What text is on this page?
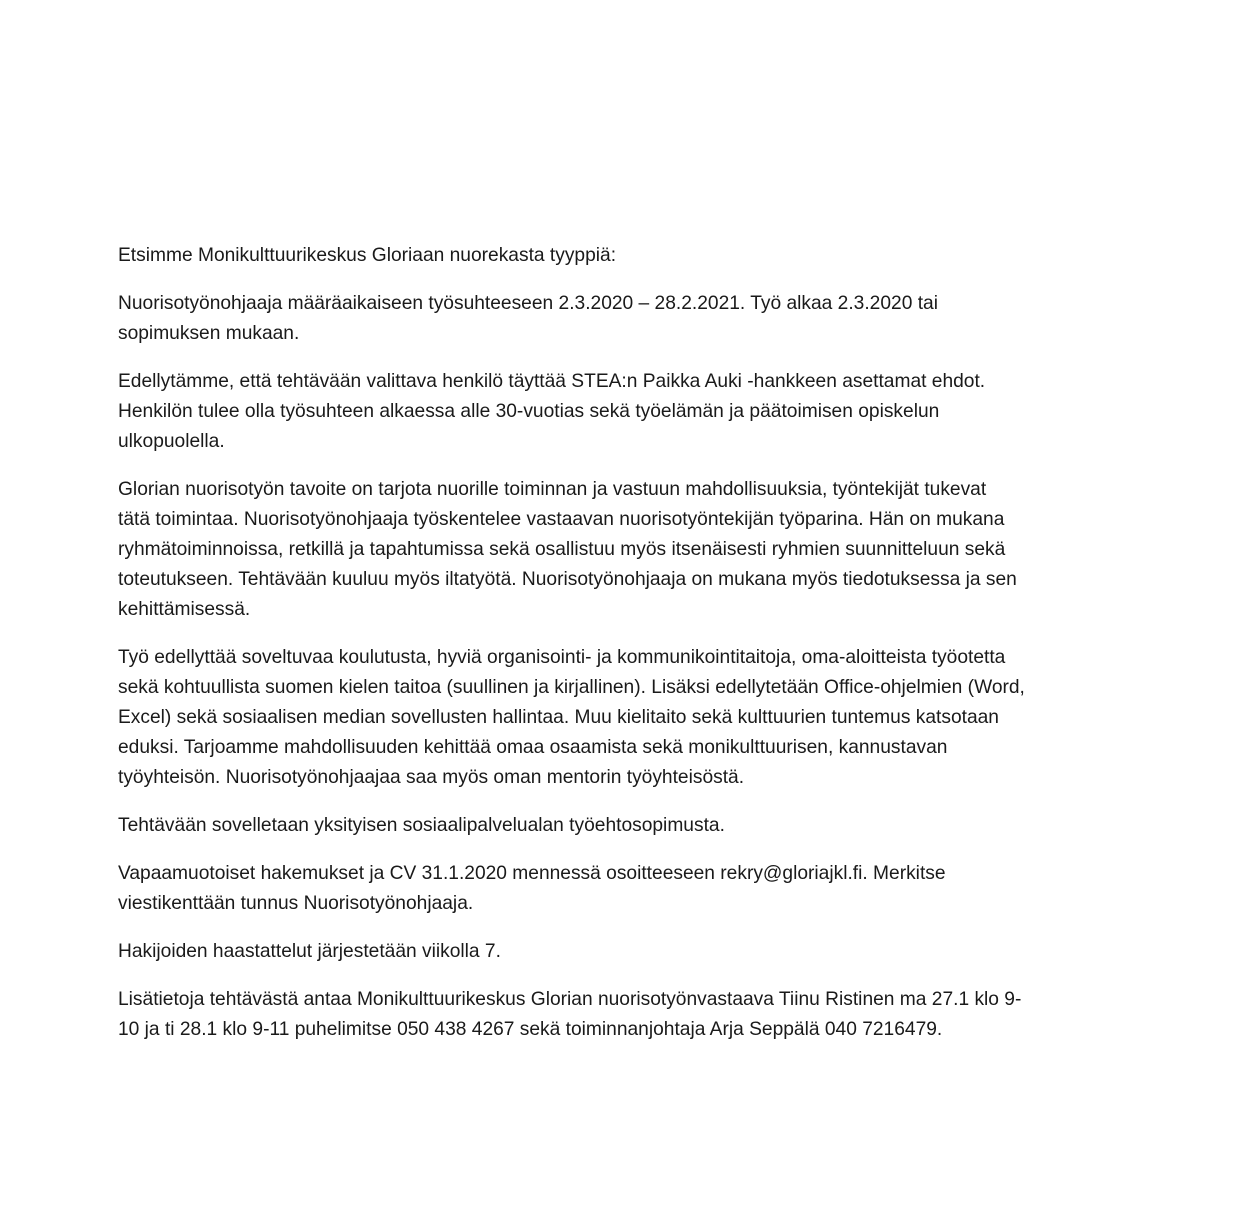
Etsimme Monikulttuurikeskus Gloriaan nuorekasta tyyppiä:

Nuorisotyönohjaaja määräaikaiseen työsuhteeseen 2.3.2020 – 28.2.2021. Työ alkaa 2.3.2020 tai
sopimuksen mukaan.

Edellytämme, että tehtävään valittava henkilö täyttää STEA:n Paikka Auki -hankkeen asettamat ehdot.
Henkilön tulee olla työsuhteen alkaessa alle 30-vuotias sekä työelämän ja päätoimisen opiskelun
ulkopuolella.

Glorian nuorisotyön tavoite on tarjota nuorille toiminnan ja vastuun mahdollisuuksia, työntekijät tukevat
tätä toimintaa. Nuorisotyönohjaaja työskentelee vastaavan nuorisotyöntekijän työparina. Hän on mukana
ryhmätoiminnoissa, retkillä ja tapahtumissa sekä osallistuu myös itsenäisesti ryhmien suunnitteluun sekä
toteutukseen. Tehtävään kuuluu myös iltatyötä. Nuorisotyönohjaaja on mukana myös tiedotuksessa ja sen
kehittämisessä.

Työ edellyttää soveltuvaa koulutusta, hyviä organisointi- ja kommunikointitaitoja, oma-aloitteista työotetta
sekä kohtuullista suomen kielen taitoa (suullinen ja kirjallinen). Lisäksi edellytetään Office-ohjelmien (Word,
Excel) sekä sosiaalisen median sovellusten hallintaa. Muu kielitaito sekä kulttuurien tuntemus katsotaan
eduksi. Tarjoamme mahdollisuuden kehittää omaa osaamista sekä monikulttuurisen, kannustavan
työyhteisön. Nuorisotyönohjaajaa saa myös oman mentorin työyhteisöstä.

Tehtävään sovelletaan yksityisen sosiaalipalvelualan työehtosopimusta.

Vapaamuotoiset hakemukset ja CV 31.1.2020 mennessä osoitteeseen rekry@gloriajkl.fi. Merkitse
viestikenttään tunnus Nuorisotyönohjaaja.

Hakijoiden haastattelut järjestetään viikolla 7.

Lisätietoja tehtävästä antaa Monikulttuurikeskus Glorian nuorisotyönvastaava Tiinu Ristinen ma 27.1 klo 9-
10 ja ti 28.1 klo 9-11 puhelimitse 050 438 4267 sekä toiminnanjohtaja Arja Seppälä 040 7216479.
